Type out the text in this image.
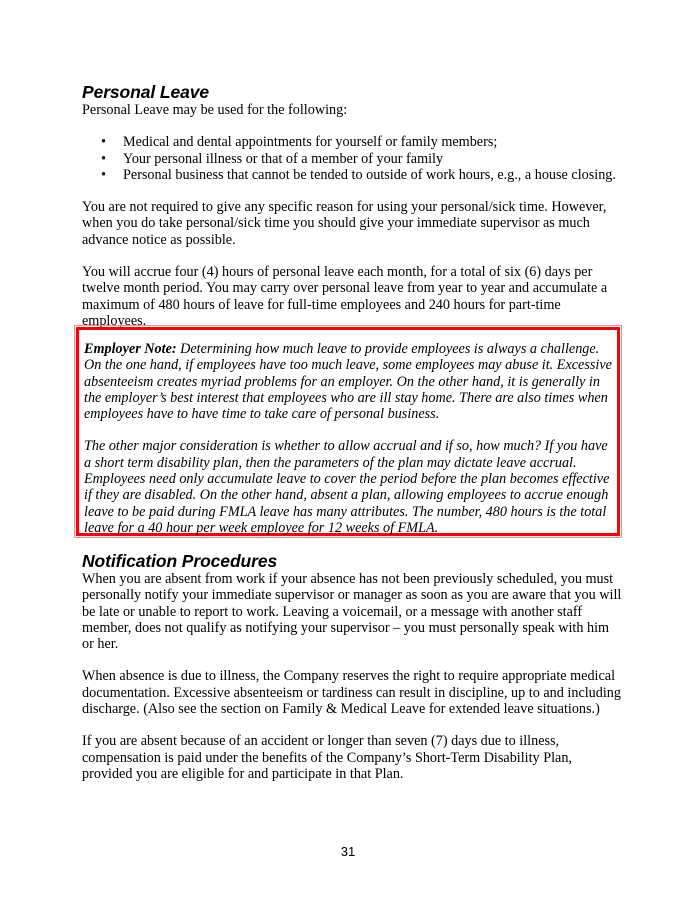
Personal Leave

Personal Leave may be used for the following:

• Medical and dental appointments for yourself or family members;
• Your personal illness or that of a member of your family
• Personal business that cannot be tended to outside of work hours, e.g., a house closing.

You are not required to give any specific reason for using your personal/sick time. However, when you do take personal/sick time you should give your immediate supervisor as much advance notice as possible.

You will accrue four (4) hours of personal leave each month, for a total of six (6) days per twelve month period. You may carry over personal leave from year to year and accumulate a maximum of 480 hours of leave for full-time employees and 240 hours for part-time employees.

Employer Note: Determining how much leave to provide employees is always a challenge. On the one hand, if employees have too much leave, some employees may abuse it. Excessive absenteeism creates myriad problems for an employer. On the other hand, it is generally in the employer’s best interest that employees who are ill stay home. There are also times when employees have to have time to take care of personal business.

The other major consideration is whether to allow accrual and if so, how much? If you have a short term disability plan, then the parameters of the plan may dictate leave accrual. Employees need only accumulate leave to cover the period before the plan becomes effective if they are disabled. On the other hand, absent a plan, allowing employees to accrue enough leave to be paid during FMLA leave has many attributes. The number, 480 hours is the total leave for a 40 hour per week employee for 12 weeks of FMLA.

Notification Procedures

When you are absent from work if your absence has not been previously scheduled, you must personally notify your immediate supervisor or manager as soon as you are aware that you will be late or unable to report to work. Leaving a voicemail, or a message with another staff member, does not qualify as notifying your supervisor – you must personally speak with him or her.

When absence is due to illness, the Company reserves the right to require appropriate medical documentation. Excessive absenteeism or tardiness can result in discipline, up to and including discharge. (Also see the section on Family & Medical Leave for extended leave situations.)

If you are absent because of an accident or longer than seven (7) days due to illness, compensation is paid under the benefits of the Company’s Short-Term Disability Plan, provided you are eligible for and participate in that Plan.

31
